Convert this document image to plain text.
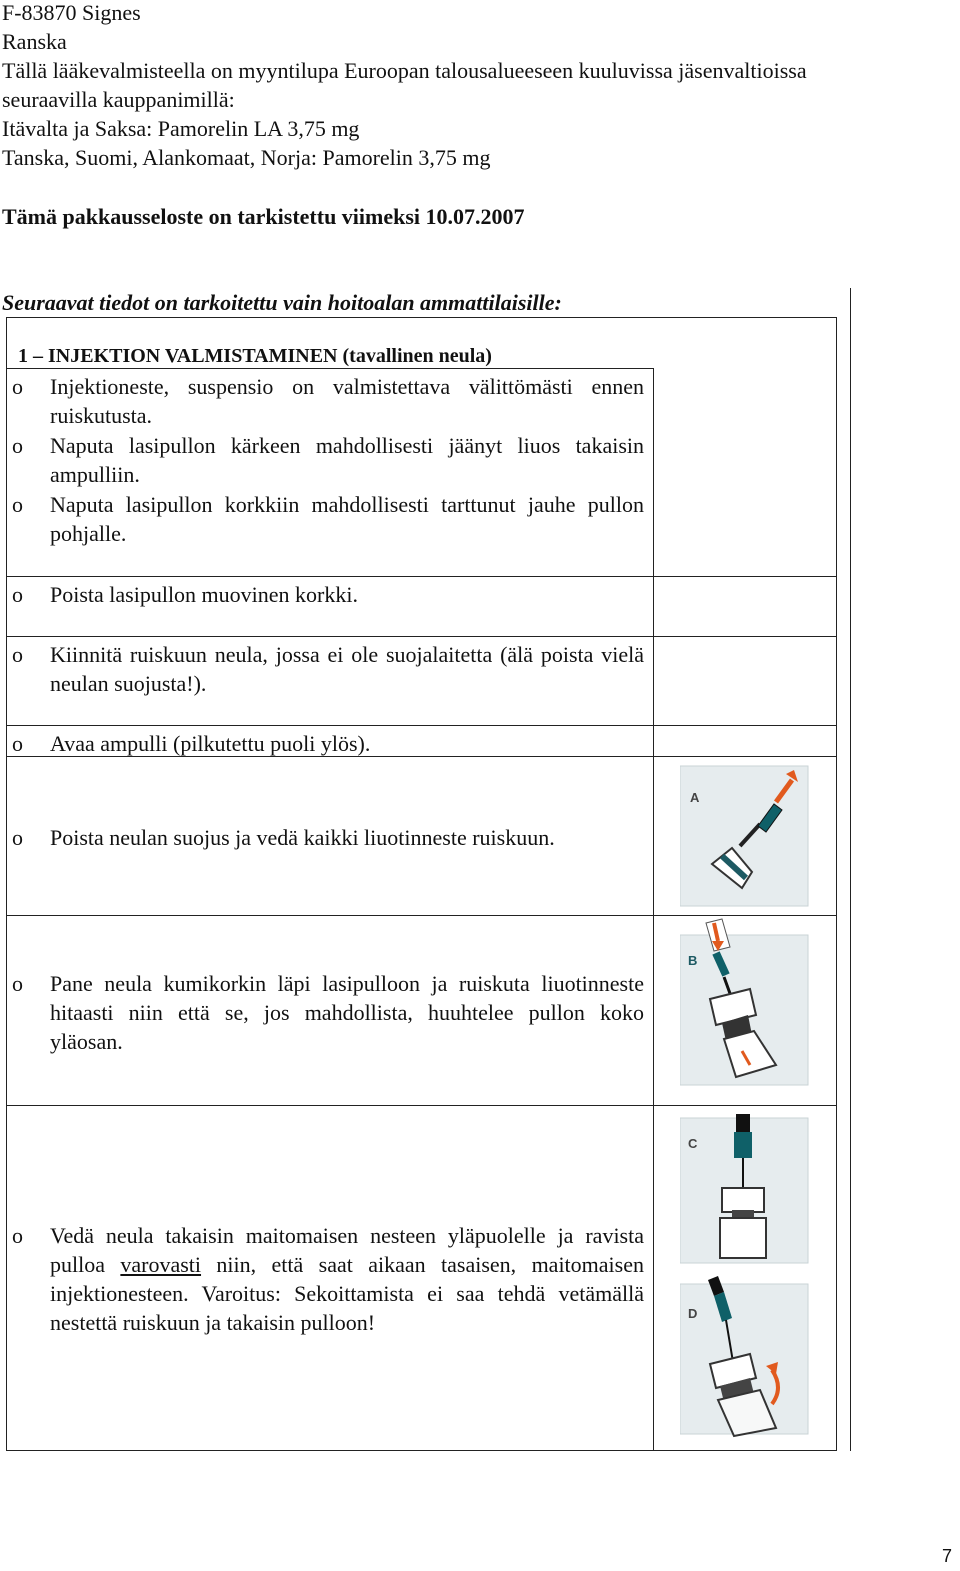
F-83870 Signes
Ranska
Tällä lääkevalmisteella on myyntilupa Euroopan talousalueeseen kuuluvissa jäsenvaltioissa
seuraavilla kauppanimillä:
Itävalta ja Saksa: Pamorelin LA 3,75 mg
Tanska, Suomi, Alankomaat, Norja: Pamorelin 3,75 mg
Tämä pakkausseloste on tarkistettu viimeksi 10.07.2007
Seuraavat tiedot on tarkoitettu vain hoitoalan ammattilaisille:
1 – INJEKTION VALMISTAMINEN (tavallinen neula)
o Injektioneste, suspensio on valmistettava välittömästi ennen ruiskutusta.
o Naputa lasipullon kärkeen mahdollisesti jäänyt liuos takaisin ampulliin.
o Naputa lasipullon korkkiin mahdollisesti tarttunut jauhe pullon pohjalle.
o Poista lasipullon muovinen korkki.
o Kiinnitä ruiskuun neula, jossa ei ole suojalaitetta (älä poista vielä neulan suojusta!).
o Avaa ampulli (pilkutettu puoli ylös).
o Poista neulan suojus ja vedä kaikki liuotinneste ruiskuun.
o Pane neula kumikorkin läpi lasipulloon ja ruiskuta liuotinneste hitaasti niin että se, jos mahdollista, huuhtelee pullon koko yläosan.
o Vedä neula takaisin maitomaisen nesteen yläpuolelle ja ravista pulloa varovasti niin, että saat aikaan tasaisen, maitomaisen injektionesteen. Varoitus: Sekoittamista ei saa tehdä vetämällä nestettä ruiskuun ja takaisin pulloon!
A
B
C
D
7
